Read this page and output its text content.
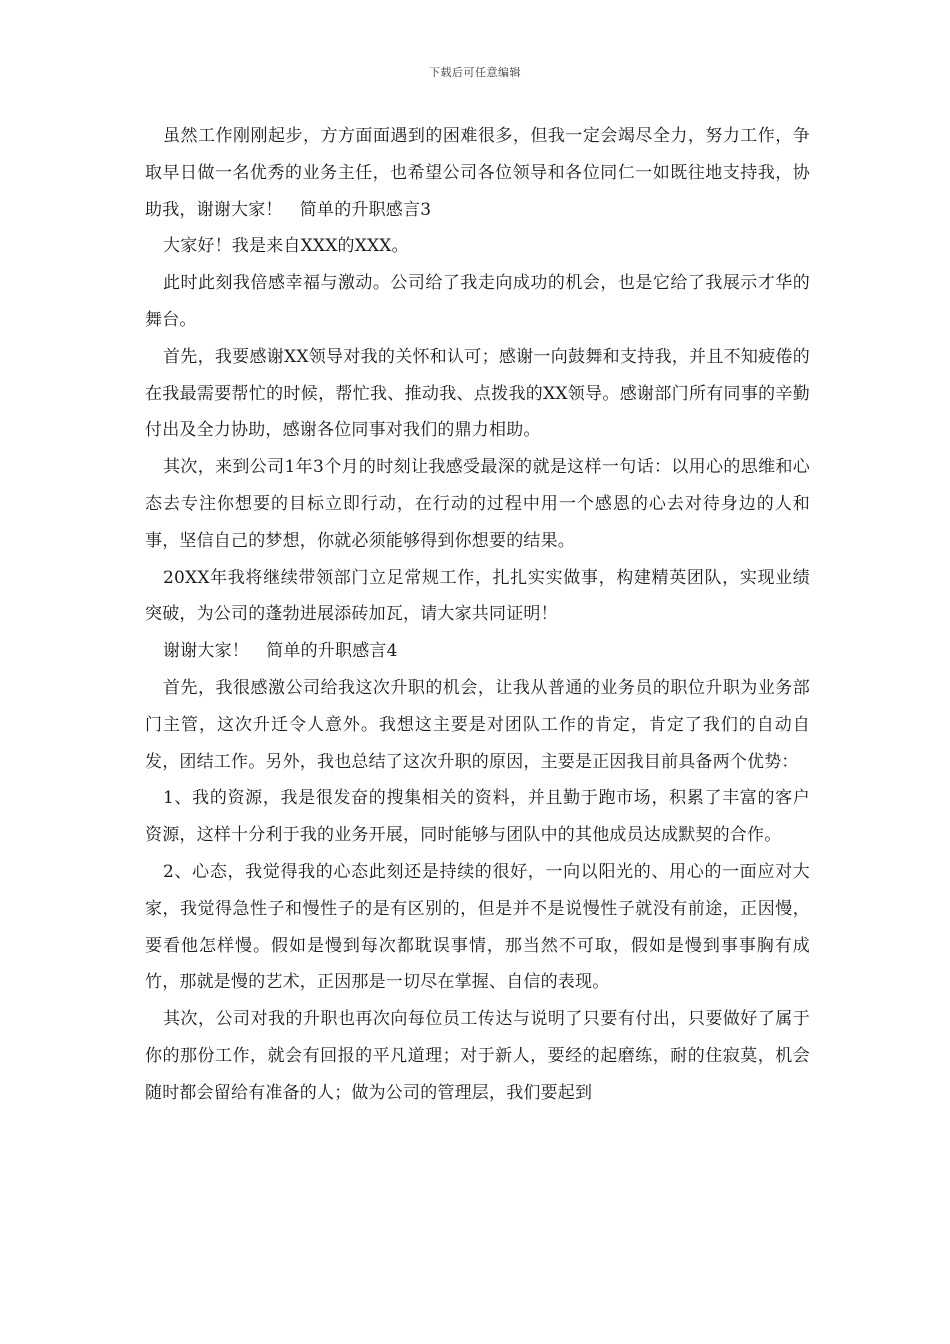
下载后可任意编辑

虽然工作刚刚起步，方方面面遇到的困难很多，但我一定会竭尽全力，努力工作，争取早日做一名优秀的业务主任，也希望公司各位领导和各位同仁一如既往地支持我，协助我，谢谢大家！　简单的升职感言3

大家好！我是来自XXX的XXX。

此时此刻我倍感幸福与激动。公司给了我走向成功的机会，也是它给了我展示才华的舞台。

首先，我要感谢XX领导对我的关怀和认可；感谢一向鼓舞和支持我，并且不知疲倦的在我最需要帮忙的时候，帮忙我、推动我、点拨我的XX领导。感谢部门所有同事的辛勤付出及全力协助，感谢各位同事对我们的鼎力相助。

其次，来到公司1年3个月的时刻让我感受最深的就是这样一句话：以用心的思维和心态去专注你想要的目标立即行动，在行动的过程中用一个感恩的心去对待身边的人和事，坚信自己的梦想，你就必须能够得到你想要的结果。

20XX年我将继续带领部门立足常规工作，扎扎实实做事，构建精英团队，实现业绩突破，为公司的蓬勃进展添砖加瓦，请大家共同证明！

谢谢大家！　简单的升职感言4

首先，我很感激公司给我这次升职的机会，让我从普通的业务员的职位升职为业务部门主管，这次升迁令人意外。我想这主要是对团队工作的肯定，肯定了我们的自动自发，团结工作。另外，我也总结了这次升职的原因，主要是正因我目前具备两个优势：

1、我的资源，我是很发奋的搜集相关的资料，并且勤于跑市场，积累了丰富的客户资源，这样十分利于我的业务开展，同时能够与团队中的其他成员达成默契的合作。

2、心态，我觉得我的心态此刻还是持续的很好，一向以阳光的、用心的一面应对大家，我觉得急性子和慢性子的是有区别的，但是并不是说慢性子就没有前途，正因慢，要看他怎样慢。假如是慢到每次都耽误事情，那当然不可取，假如是慢到事事胸有成竹，那就是慢的艺术，正因那是一切尽在掌握、自信的表现。

其次，公司对我的升职也再次向每位员工传达与说明了只要有付出，只要做好了属于你的那份工作，就会有回报的平凡道理；对于新人，要经的起磨练，耐的住寂莫，机会随时都会留给有准备的人；做为公司的管理层，我们要起到
